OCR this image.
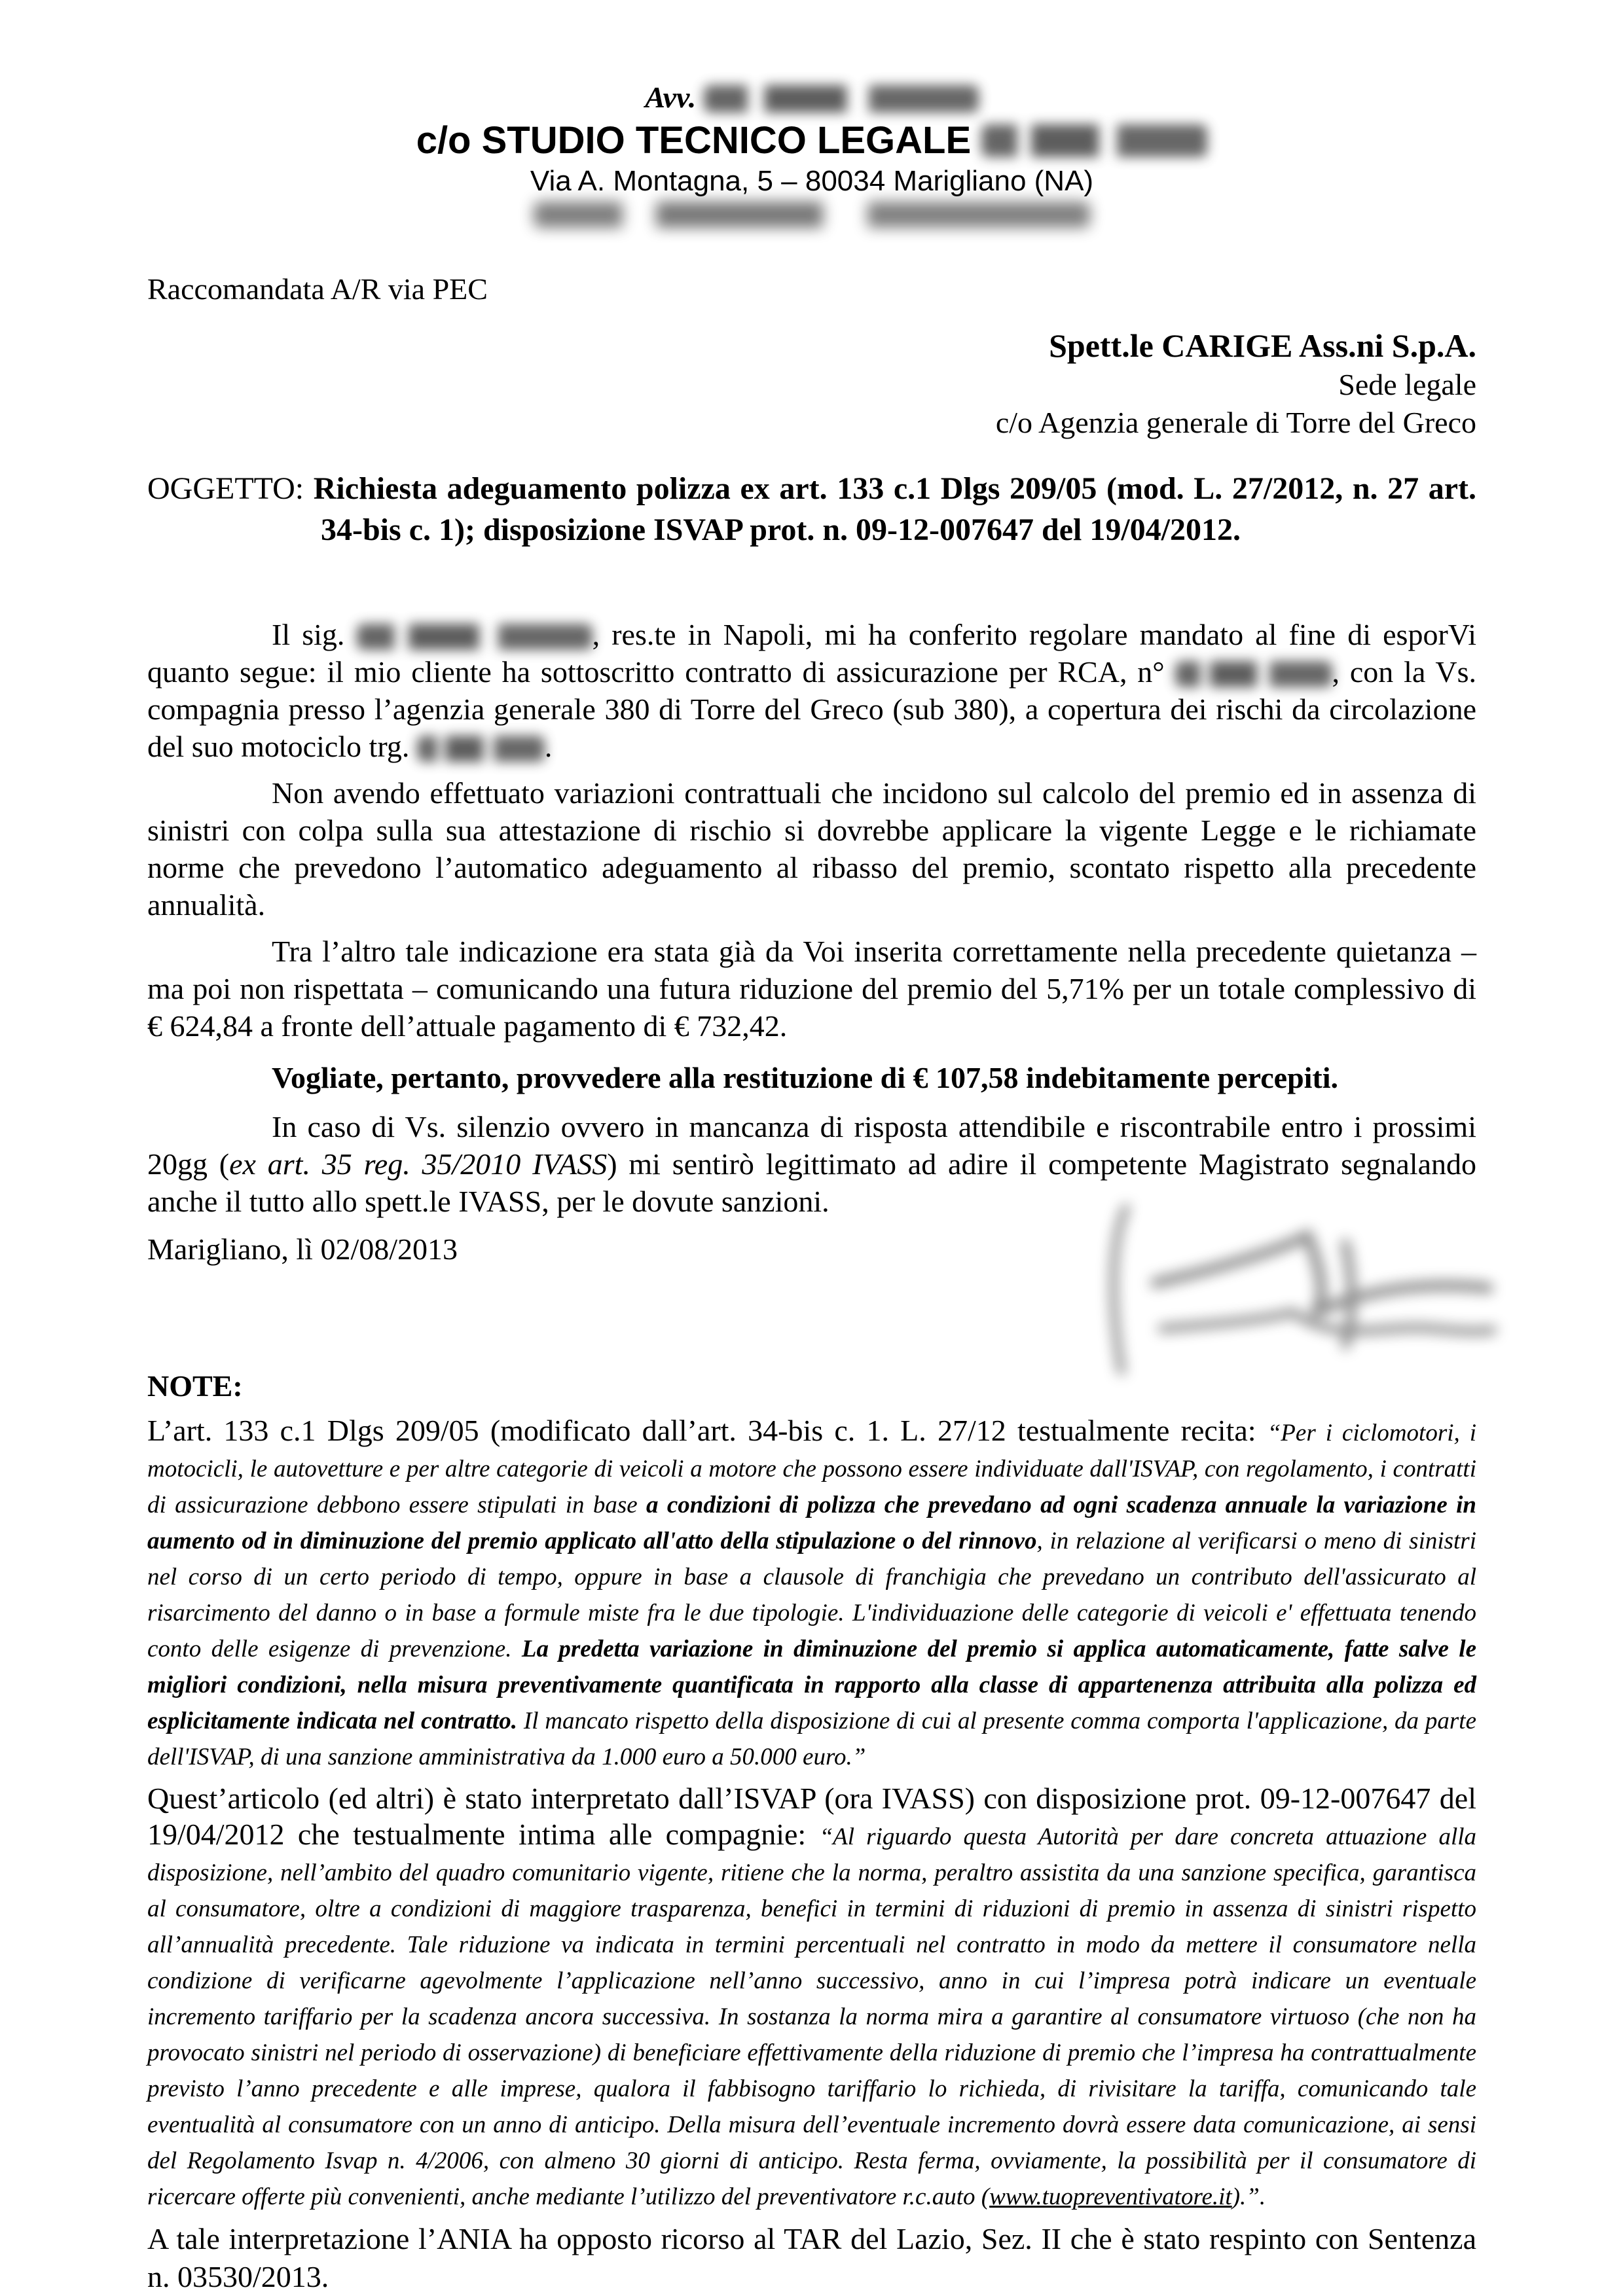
Avv.
c/o STUDIO TECNICO LEGALE
Via A. Montagna, 5 – 80034 Marigliano (NA)
Raccomandata A/R via PEC
Spett.le CARIGE Ass.ni S.p.A.
Sede legale
c/o Agenzia generale di Torre del Greco

OGGETTO: Richiesta adeguamento polizza ex art. 133 c.1 Dlgs 209/05 (mod. L. 27/2012, n. 27 art. 34-bis c. 1); disposizione ISVAP prot. n. 09-12-007647 del 19/04/2012.

Il sig.	, res.te in Napoli, mi ha conferito regolare mandato al fine di esporVi quanto segue: il mio cliente ha sottoscritto contratto di assicurazione per RCA, n°	, con la Vs. compagnia presso l’agenzia generale 380 di Torre del Greco (sub 380), a copertura dei rischi da circolazione del suo motociclo trg.	.

Non avendo effettuato variazioni contrattuali che incidono sul calcolo del premio ed in assenza di sinistri con colpa sulla sua attestazione di rischio si dovrebbe applicare la vigente Legge e le richiamate norme che prevedono l’automatico adeguamento al ribasso del premio, scontato rispetto alla precedente annualità.

Tra l’altro tale indicazione era stata già da Voi inserita correttamente nella precedente quietanza – ma poi non rispettata – comunicando una futura riduzione del premio del 5,71% per un totale complessivo di € 624,84 a fronte dell’attuale pagamento di € 732,42.

Vogliate, pertanto, provvedere alla restituzione di € 107,58 indebitamente percepiti.

In caso di Vs. silenzio ovvero in mancanza di risposta attendibile e riscontrabile entro i prossimi 20gg (ex art. 35 reg. 35/2010 IVASS) mi sentirò legittimato ad adire il competente Magistrato segnalando anche il tutto allo spett.le IVASS, per le dovute sanzioni.

Marigliano, lì 02/08/2013

NOTE:

L’art. 133 c.1 Dlgs 209/05 (modificato dall’art. 34-bis c. 1. L. 27/12 testualmente recita: “Per i ciclomotori, i motocicli, le autovetture e per altre categorie di veicoli a motore che possono essere individuate dall'ISVAP, con regolamento, i contratti di assicurazione debbono essere stipulati in base a condizioni di polizza che prevedano ad ogni scadenza annuale la variazione in aumento od in diminuzione del premio applicato all'atto della stipulazione o del rinnovo, in relazione al verificarsi o meno di sinistri nel corso di un certo periodo di tempo, oppure in base a clausole di franchigia che prevedano un contributo dell'assicurato al risarcimento del danno o in base a formule miste fra le due tipologie. L'individuazione delle categorie di veicoli e' effettuata tenendo conto delle esigenze di prevenzione. La predetta variazione in diminuzione del premio si applica automaticamente, fatte salve le migliori condizioni, nella misura preventivamente quantificata in rapporto alla classe di appartenenza attribuita alla polizza ed esplicitamente indicata nel contratto. Il mancato rispetto della disposizione di cui al presente comma comporta l'applicazione, da parte dell'ISVAP, di una sanzione amministrativa da 1.000 euro a 50.000 euro.”

Quest’articolo (ed altri) è stato interpretato dall’ISVAP (ora IVASS) con disposizione prot. 09-12-007647 del 19/04/2012 che testualmente intima alle compagnie: “Al riguardo questa Autorità per dare concreta attuazione alla disposizione, nell’ambito del quadro comunitario vigente, ritiene che la norma, peraltro assistita da una sanzione specifica, garantisca al consumatore, oltre a condizioni di maggiore trasparenza, benefici in termini di riduzioni di premio in assenza di sinistri rispetto all’annualità precedente. Tale riduzione va indicata in termini percentuali nel contratto in modo da mettere il consumatore nella condizione di verificarne agevolmente l’applicazione nell’anno successivo, anno in cui l’impresa potrà indicare un eventuale incremento tariffario per la scadenza ancora successiva. In sostanza la norma mira a garantire al consumatore virtuoso (che non ha provocato sinistri nel periodo di osservazione) di beneficiare effettivamente della riduzione di premio che l’impresa ha contrattualmente previsto l’anno precedente e alle imprese, qualora il fabbisogno tariffario lo richieda, di rivisitare la tariffa, comunicando tale eventualità al consumatore con un anno di anticipo. Della misura dell’eventuale incremento dovrà essere data comunicazione, ai sensi del Regolamento Isvap n. 4/2006, con almeno 30 giorni di anticipo. Resta ferma, ovviamente, la possibilità per il consumatore di ricercare offerte più convenienti, anche mediante l’utilizzo del preventivatore r.c.auto (www.tuopreventivatore.it).”.

A tale interpretazione l’ANIA ha opposto ricorso al TAR del Lazio, Sez. II che è stato respinto con Sentenza n. 03530/2013.
